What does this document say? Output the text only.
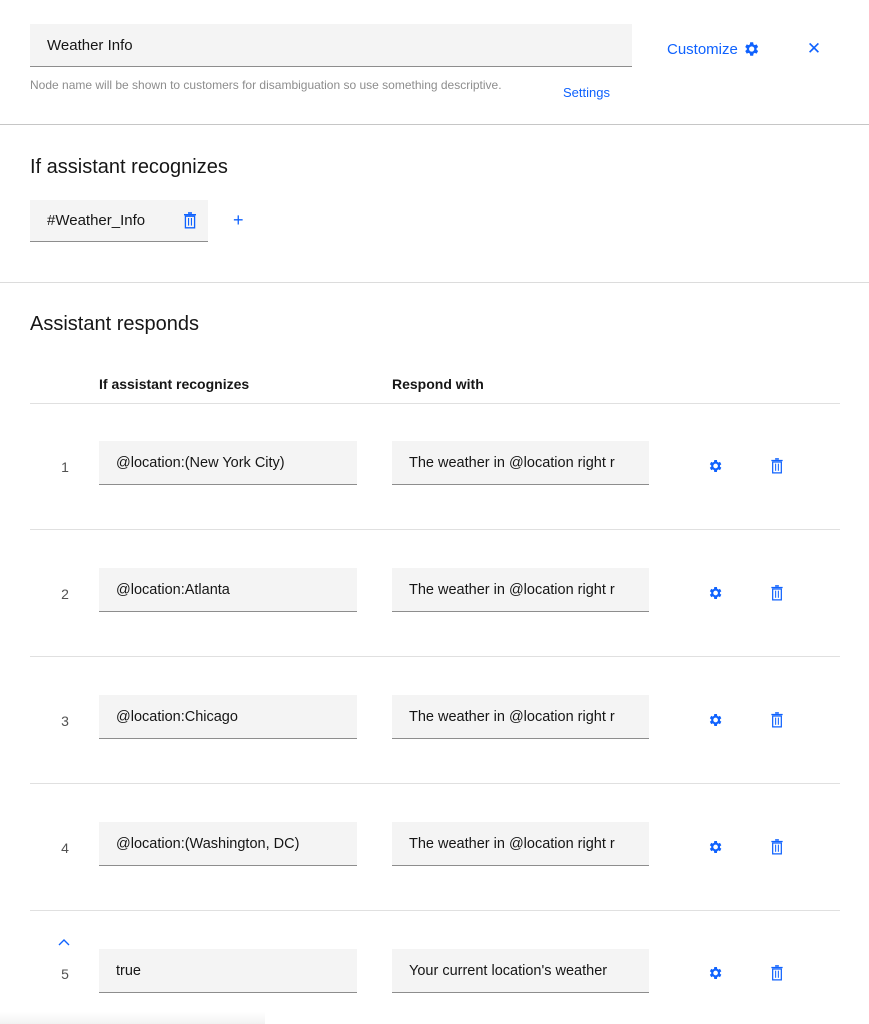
Weather Info
Node name will be shown to customers for disambiguation so use something descriptive.
Customize
Settings
✕
If assistant recognizes
#Weather_Info	+
Assistant responds
If assistant recognizes	Respond with
1	@location:(New York City)	The weather in @location right r
2	@location:Atlanta	The weather in @location right r
3	@location:Chicago	The weather in @location right r
4	@location:(Washington, DC)	The weather in @location right r
5	true	Your current location's weather
